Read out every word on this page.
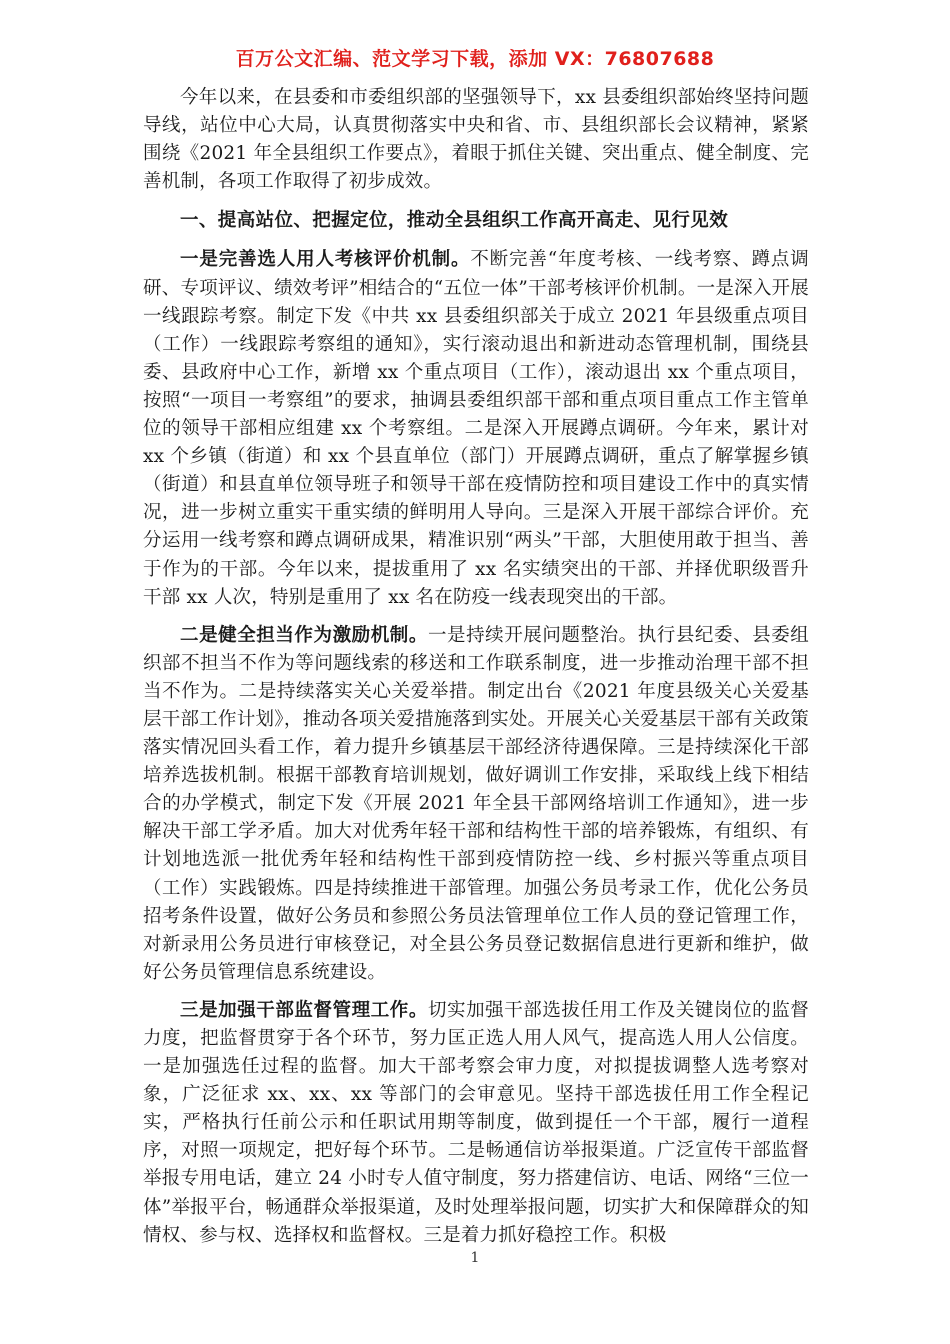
百万公文汇编、范文学习下载，添加 VX：76807688

今年以来，在县委和市委组织部的坚强领导下，xx 县委组织部始终坚持问题导线，站位中心大局，认真贯彻落实中央和省、市、县组织部长会议精神，紧紧围绕《2021 年全县组织工作要点》，着眼于抓住关键、突出重点、健全制度、完善机制，各项工作取得了初步成效。

一、提高站位、把握定位，推动全县组织工作高开高走、见行见效

一是完善选人用人考核评价机制。不断完善“年度考核、一线考察、蹲点调研、专项评议、绩效考评”相结合的“五位一体”干部考核评价机制。一是深入开展一线跟踪考察。制定下发《中共 xx 县委组织部关于成立 2021 年县级重点项目（工作）一线跟踪考察组的通知》，实行滚动退出和新进动态管理机制，围绕县委、县政府中心工作，新增 xx 个重点项目（工作），滚动退出 xx 个重点项目，按照“一项目一考察组”的要求，抽调县委组织部干部和重点项目重点工作主管单位的领导干部相应组建 xx 个考察组。二是深入开展蹲点调研。今年来，累计对 xx 个乡镇（街道）和 xx 个县直单位（部门）开展蹲点调研，重点了解掌握乡镇（街道）和县直单位领导班子和领导干部在疫情防控和项目建设工作中的真实情况，进一步树立重实干重实绩的鲜明用人导向。三是深入开展干部综合评价。充分运用一线考察和蹲点调研成果，精准识别“两头”干部，大胆使用敢于担当、善于作为的干部。今年以来，提拔重用了 xx 名实绩突出的干部、并择优职级晋升干部 xx 人次，特别是重用了 xx 名在防疫一线表现突出的干部。

二是健全担当作为激励机制。一是持续开展问题整治。执行县纪委、县委组织部不担当不作为等问题线索的移送和工作联系制度，进一步推动治理干部不担当不作为。二是持续落实关心关爱举措。制定出台《2021 年度县级关心关爱基层干部工作计划》，推动各项关爱措施落到实处。开展关心关爱基层干部有关政策落实情况回头看工作，着力提升乡镇基层干部经济待遇保障。三是持续深化干部培养选拔机制。根据干部教育培训规划，做好调训工作安排，采取线上线下相结合的办学模式，制定下发《开展 2021 年全县干部网络培训工作通知》，进一步解决干部工学矛盾。加大对优秀年轻干部和结构性干部的培养锻炼，有组织、有计划地选派一批优秀年轻和结构性干部到疫情防控一线、乡村振兴等重点项目（工作）实践锻炼。四是持续推进干部管理。加强公务员考录工作，优化公务员招考条件设置，做好公务员和参照公务员法管理单位工作人员的登记管理工作，对新录用公务员进行审核登记，对全县公务员登记数据信息进行更新和维护，做好公务员管理信息系统建设。

三是加强干部监督管理工作。切实加强干部选拔任用工作及关键岗位的监督力度，把监督贯穿于各个环节，努力匡正选人用人风气，提高选人用人公信度。一是加强选任过程的监督。加大干部考察会审力度，对拟提拔调整人选考察对象，广泛征求 xx、xx、xx 等部门的会审意见。坚持干部选拔任用工作全程记实，严格执行任前公示和任职试用期等制度，做到提任一个干部，履行一道程序，对照一项规定，把好每个环节。二是畅通信访举报渠道。广泛宣传干部监督举报专用电话，建立 24 小时专人值守制度，努力搭建信访、电话、网络“三位一体”举报平台，畅通群众举报渠道，及时处理举报问题，切实扩大和保障群众的知情权、参与权、选择权和监督权。三是着力抓好稳控工作。积极

1
